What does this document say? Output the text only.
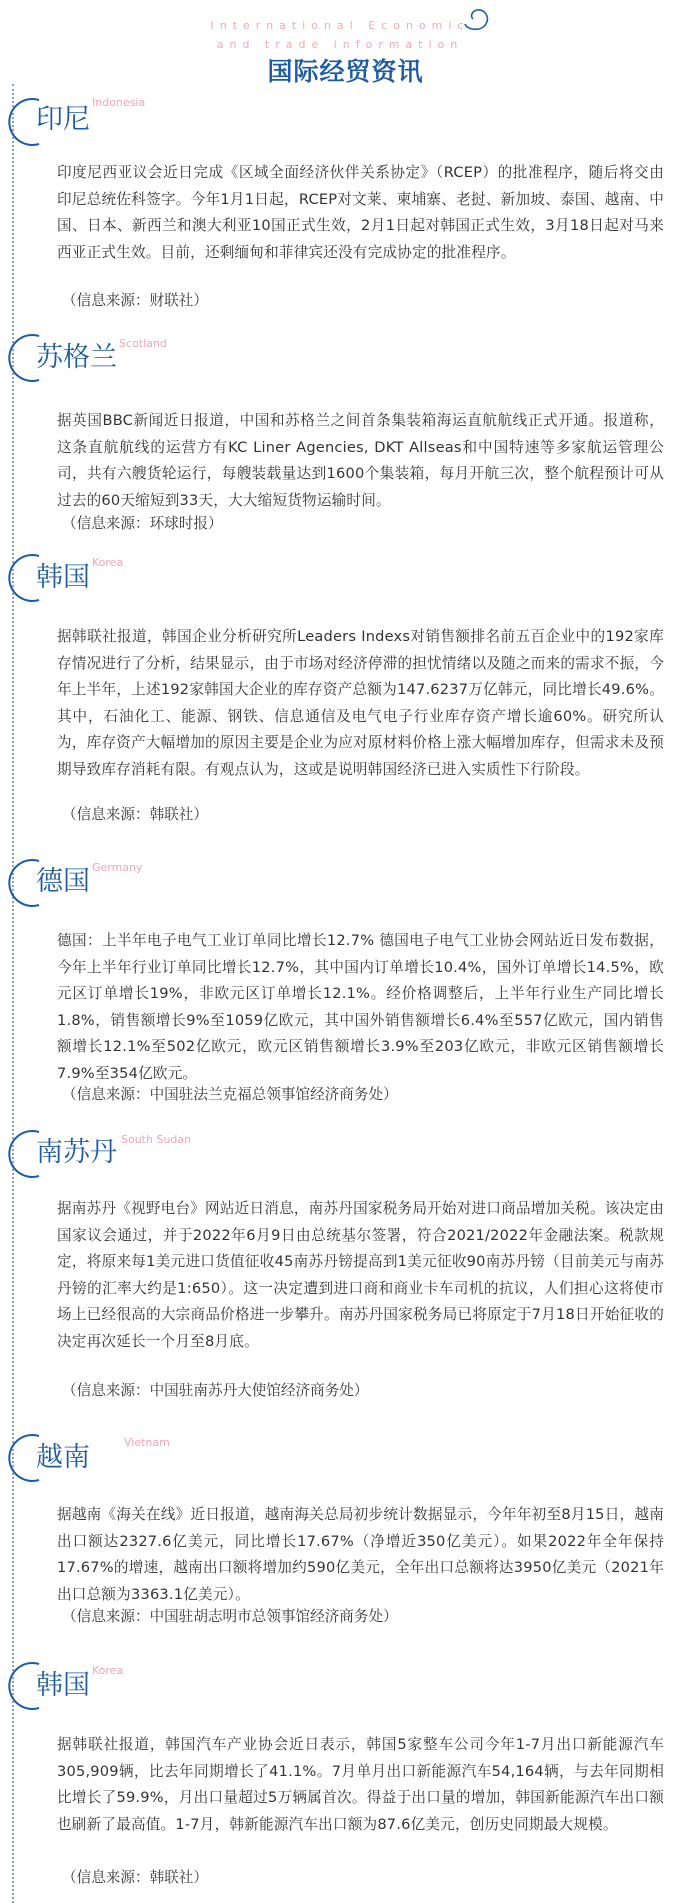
International Economic and trade information
国际经贸资讯
印尼
Indonesia

印度尼西亚议会近日完成《区域全面经济伙伴关系协定》（RCEP）的批准程序，随后将交由印尼总统佐科签字。今年1月1日起，RCEP对文莱、柬埔寨、老挝、新加坡、泰国、越南、中国、日本、新西兰和澳大利亚10国正式生效，2月1日起对韩国正式生效，3月18日起对马来西亚正式生效。目前，还剩缅甸和菲律宾还没有完成协定的批准程序。

（信息来源：财联社）

苏格兰 Scotland

据英国BBC新闻近日报道，中国和苏格兰之间首条集装箱海运直航航线正式开通。报道称，这条直航航线的运营方有KC Liner Agencies, DKT Allseas和中国特速等多家航运管理公司，共有六艘货轮运行，每艘装载量达到1600个集装箱，每月开航三次，整个航程预计可从过去的60天缩短到33天，大大缩短货物运输时间。

（信息来源：环球时报）

韩国 Korea

据韩联社报道，韩国企业分析研究所Leaders Indexs对销售额排名前五百企业中的192家库存情况进行了分析，结果显示，由于市场对经济停滞的担忧情绪以及随之而来的需求不振，今年上半年，上述192家韩国大企业的库存资产总额为147.6237万亿韩元，同比增长49.6%。其中，石油化工、能源、钢铁、信息通信及电气电子行业库存资产增长逾60%。研究所认为，库存资产大幅增加的原因主要是企业为应对原材料价格上涨大幅增加库存，但需求未及预期导致库存消耗有限。有观点认为，这或是说明韩国经济已进入实质性下行阶段。

（信息来源：韩联社）

德国 Germany

德国：上半年电子电气工业订单同比增长12.7% 德国电子电气工业协会网站近日发布数据，今年上半年行业订单同比增长12.7%，其中国内订单增长10.4%，国外订单增长14.5%，欧元区订单增长19%，非欧元区订单增长12.1%。经价格调整后，上半年行业生产同比增长1.8%，销售额增长9%至1059亿欧元，其中国外销售额增长6.4%至557亿欧元，国内销售额增长12.1%至502亿欧元，欧元区销售额增长3.9%至203亿欧元，非欧元区销售额增长7.9%至354亿欧元。

（信息来源：中国驻法兰克福总领事馆经济商务处）

南苏丹 South Sudan

据南苏丹《视野电台》网站近日消息，南苏丹国家税务局开始对进口商品增加关税。该决定由国家议会通过，并于2022年6月9日由总统基尔签署，符合2021/2022年金融法案。税款规定，将原来每1美元进口货值征收45南苏丹镑提高到1美元征收90南苏丹镑（目前美元与南苏丹镑的汇率大约是1:650）。这一决定遭到进口商和商业卡车司机的抗议，人们担心这将使市场上已经很高的大宗商品价格进一步攀升。南苏丹国家税务局已将原定于7月18日开始征收的决定再次延长一个月至8月底。

（信息来源：中国驻南苏丹大使馆经济商务处）

越南	Vietnam

据越南《海关在线》近日报道，越南海关总局初步统计数据显示，今年年初至8月15日，越南出口额达2327.6亿美元，同比增长17.67%（净增近350亿美元）。如果2022年全年保持17.67%的增速，越南出口额将增加约590亿美元，全年出口总额将达3950亿美元（2021年出口总额为3363.1亿美元）。

（信息来源：中国驻胡志明市总领事馆经济商务处）

韩国 Korea

据韩联社报道，韩国汽车产业协会近日表示，韩国5家整车公司今年1-7月出口新能源汽车305,909辆，比去年同期增长了41.1%。7月单月出口新能源汽车54,164辆，与去年同期相比增长了59.9%，月出口量超过5万辆属首次。得益于出口量的增加，韩国新能源汽车出口额也刷新了最高值。1-7月，韩新能源汽车出口额为87.6亿美元，创历史同期最大规模。

（信息来源：韩联社）
